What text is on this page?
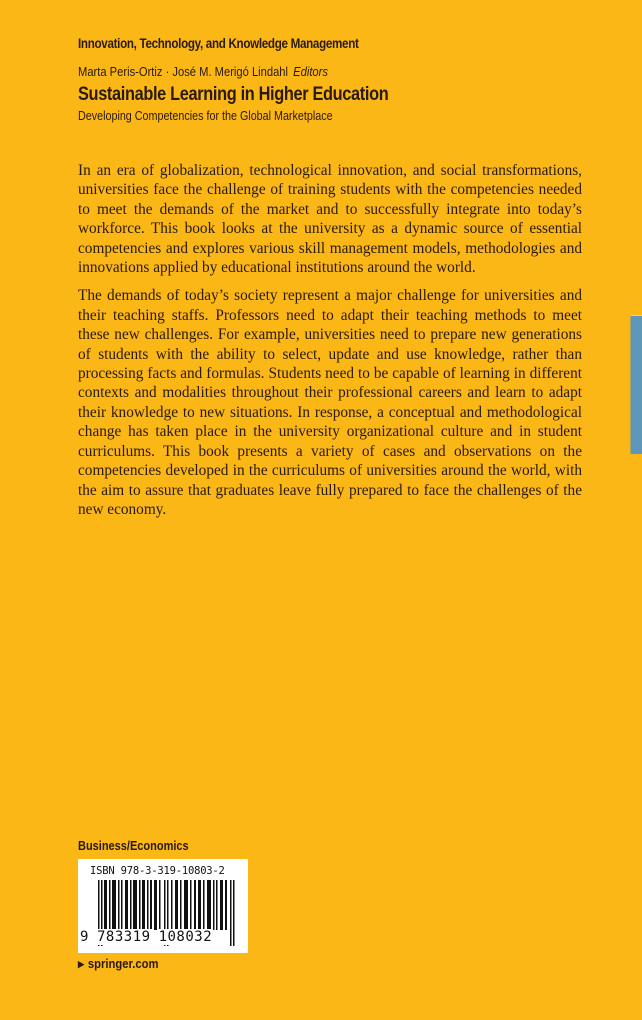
Innovation, Technology, and Knowledge Management
Marta Peris-Ortiz · José M. Merigó Lindahl Editors
Sustainable Learning in Higher Education
Developing Competencies for the Global Marketplace

In an era of globalization, technological innovation, and social transformations, universities face the challenge of training students with the competencies needed to meet the demands of the market and to successfully integrate into today’s workforce. This book looks at the university as a dynamic source of essential competencies and explores various skill management models, methodologies and innovations applied by educational institutions around the world.

The demands of today’s society represent a major challenge for universities and their teaching staffs. Professors need to adapt their teaching methods to meet these new challenges. For example, universities need to prepare new generations of students with the ability to select, update and use knowledge, rather than processing facts and formulas. Students need to be capable of learning in different contexts and modalities throughout their professional careers and learn to adapt their knowledge to new situations. In response, a conceptual and methodological change has taken place in the university organizational culture and in student curriculums. This book presents a variety of cases and observations on the competencies developed in the curriculums of universities around the world, with the aim to assure that graduates leave fully prepared to face the challenges of the new economy.

Business/Economics
ISBN 978-3-319-10803-2
9 783319 108032
▶ springer.com
